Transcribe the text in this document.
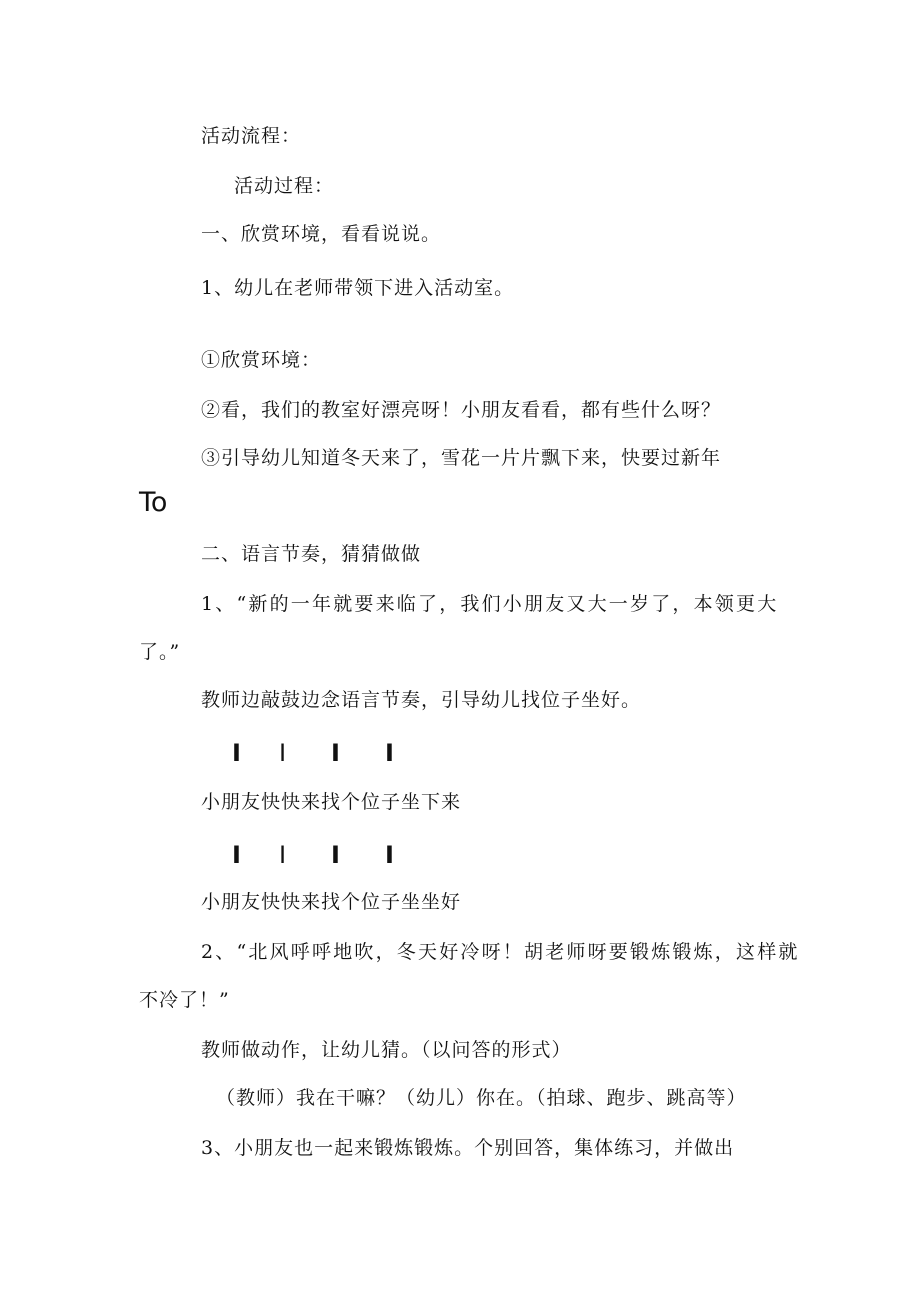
活动流程：
活动过程：
一、欣赏环境，看看说说。
1、幼儿在老师带领下进入活动室。
①欣赏环境：
②看，我们的教室好漂亮呀！小朋友看看，都有些什么呀？
③引导幼儿知道冬天来了，雪花一片片飘下来，快要过新年
To
二、语言节奏，猜猜做做
1、“新的一年就要来临了，我们小朋友又大一岁了，本领更大
了。”
教师边敲鼓边念语言节奏，引导幼儿找位子坐好。
I I I I
小朋友快快来找个位子坐下来
I I I I
小朋友快快来找个位子坐坐好
2、“北风呼呼地吹，冬天好冷呀！胡老师呀要锻炼锻炼，这样就
不冷了！”
教师做动作，让幼儿猜。（以问答的形式）
（教师）我在干嘛？（幼儿）你在。（拍球、跑步、跳高等）
3、小朋友也一起来锻炼锻炼。个别回答，集体练习，并做出
